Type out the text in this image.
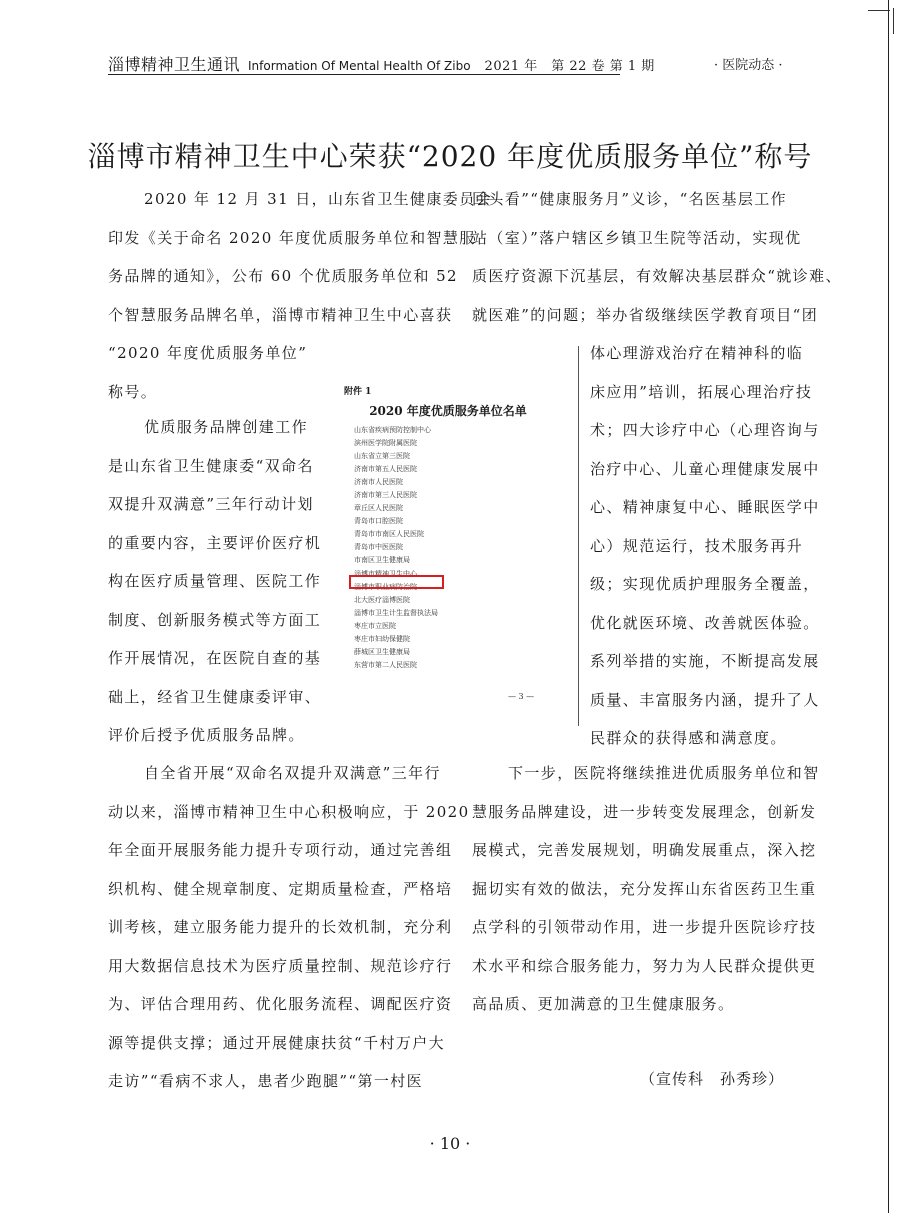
淄博精神卫生通讯 Information Of Mental Health Of Zibo 2021 年　第 22 卷 第 1 期	· 医院动态 ·
淄博市精神卫生中心荣获“2020 年度优质服务单位”称号
2020 年 12 月 31 日，山东省卫生健康委员会
印发《关于命名 2020 年度优质服务单位和智慧服
务品牌的通知》，公布 60 个优质服务单位和 52
个智慧服务品牌名单，淄博市精神卫生中心喜获
“2020 年度优质服务单位”
称号。
优质服务品牌创建工作
是山东省卫生健康委“双命名
双提升双满意”三年行动计划
的重要内容，主要评价医疗机
构在医疗质量管理、医院工作
制度、创新服务模式等方面工
作开展情况，在医院自查的基
础上，经省卫生健康委评审、
评价后授予优质服务品牌。
附件 1
2020 年度优质服务单位名单
山东省疾病预防控制中心
滨州医学院附属医院
山东省立第三医院
济南市第五人民医院
济南市人民医院
济南市第三人民医院
章丘区人民医院
青岛市口腔医院
青岛市市南区人民医院
青岛市中医医院
市南区卫生健康局
淄博市精神卫生中心
淄博市职业病防治院
北大医疗淄博医院
淄博市卫生计生监督执法局
枣庄市立医院
枣庄市妇幼保健院
薛城区卫生健康局
东营市第二人民医院
— 3 —
自全省开展“双命名双提升双满意”三年行
动以来，淄博市精神卫生中心积极响应，于 2020
年全面开展服务能力提升专项行动，通过完善组
织机构、健全规章制度、定期质量检查，严格培
训考核，建立服务能力提升的长效机制，充分利
用大数据信息技术为医疗质量控制、规范诊疗行
为、评估合理用药、优化服务流程、调配医疗资
源等提供支撑；通过开展健康扶贫“千村万户大
走访”“看病不求人，患者少跑腿”“第一村医
回头看”“健康服务月”义诊，“名医基层工作
站（室）”落户辖区乡镇卫生院等活动，实现优
质医疗资源下沉基层，有效解决基层群众“就诊难、
就医难”的问题；举办省级继续医学教育项目“团
体心理游戏治疗在精神科的临
床应用”培训，拓展心理治疗技
术；四大诊疗中心（心理咨询与
治疗中心、儿童心理健康发展中
心、精神康复中心、睡眠医学中
心）规范运行，技术服务再升
级；实现优质护理服务全覆盖，
优化就医环境、改善就医体验。
系列举措的实施，不断提高发展
质量、丰富服务内涵，提升了人
民群众的获得感和满意度。
下一步，医院将继续推进优质服务单位和智
慧服务品牌建设，进一步转变发展理念，创新发
展模式，完善发展规划，明确发展重点，深入挖
掘切实有效的做法，充分发挥山东省医药卫生重
点学科的引领带动作用，进一步提升医院诊疗技
术水平和综合服务能力，努力为人民群众提供更
高品质、更加满意的卫生健康服务。
（宣传科　孙秀珍）
· 10 ·
